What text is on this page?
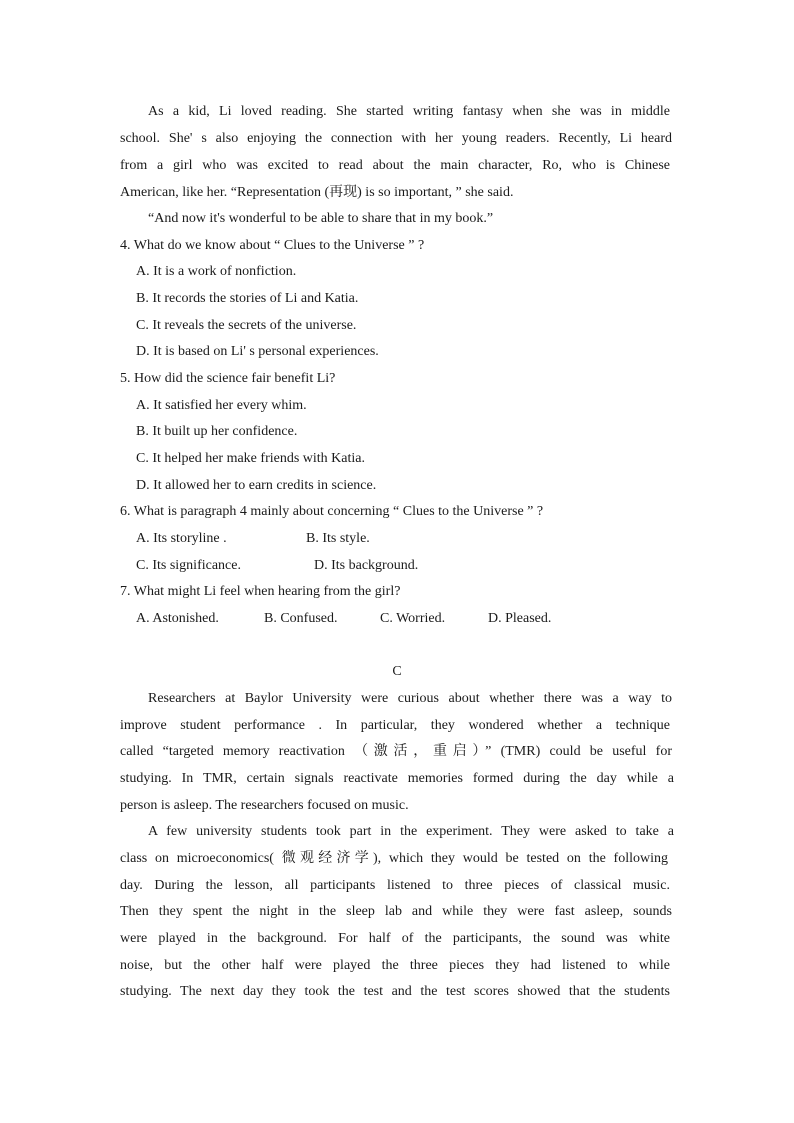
As a kid, Li loved reading. She started writing fantasy when she was in middle
school. She' s also enjoying the connection with her young readers. Recently, Li heard
from a girl who was excited to read about the main character, Ro, who is Chinese
American, like her. “Representation (再现) is so important, ” she said.
“And now it's wonderful to be able to share that in my book.”
4. What do we know about “ Clues to the Universe ” ?
A. It is a work of nonfiction.
B. It records the stories of Li and Katia.
C. It reveals the secrets of the universe.
D. It is based on Li' s personal experiences.
5. How did the science fair benefit Li?
A. It satisfied her every whim.
B. It built up her confidence.
C. It helped her make friends with Katia.
D. It allowed her to earn credits in science.
6. What is paragraph 4 mainly about concerning “ Clues to the Universe ” ?
A. Its storyline .	B. Its style.
C. Its significance.	D. Its background.
7. What might Li feel when hearing from the girl?
A. Astonished.	B. Confused.	C. Worried.	D. Pleased.
C
Researchers at Baylor University were curious about whether there was a way to
improve student performance . In particular, they wondered whether a technique
called “targeted memory reactivation （激活，重启）” (TMR) could be useful for
studying. In TMR, certain signals reactivate memories formed during the day while a
person is asleep. The researchers focused on music.
A few university students took part in the experiment. They were asked to take a
class on microeconomics( 微观经济学), which they would be tested on the following
day. During the lesson, all participants listened to three pieces of classical music.
Then they spent the night in the sleep lab and while they were fast asleep, sounds
were played in the background. For half of the participants, the sound was white
noise, but the other half were played the three pieces they had listened to while
studying. The next day they took the test and the test scores showed that the students
